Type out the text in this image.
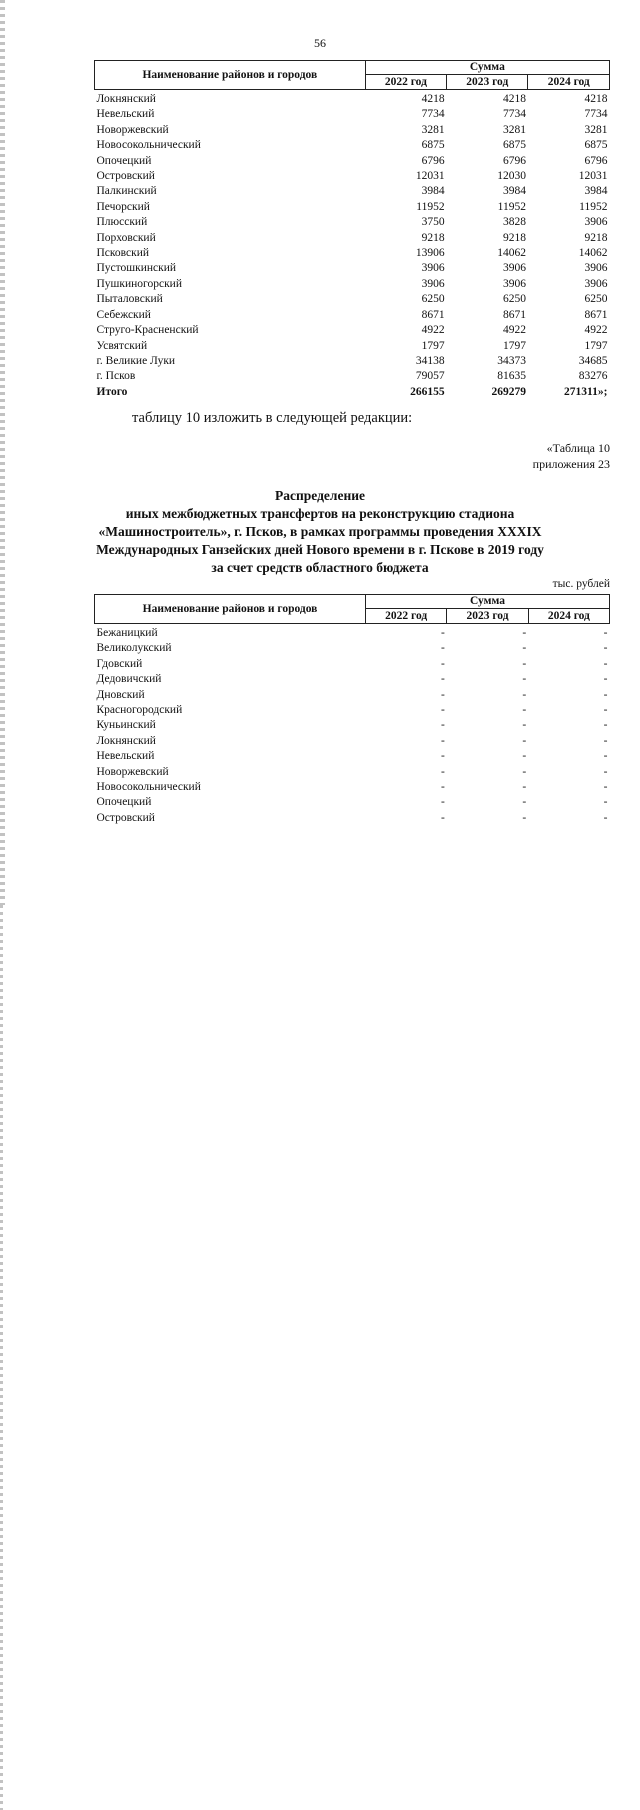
56
Наименование районов и городов	Сумма		
	2022 год	2023 год	2024 год
Локнянский	4218	4218	4218
Невельский	7734	7734	7734
Новоржевский	3281	3281	3281
Новосокольнический	6875	6875	6875
Опочецкий	6796	6796	6796
Островский	12031	12030	12031
Палкинский	3984	3984	3984
Печорский	11952	11952	11952
Плюсский	3750	3828	3906
Порховский	9218	9218	9218
Псковский	13906	14062	14062
Пустошкинский	3906	3906	3906
Пушкиногорский	3906	3906	3906
Пыталовский	6250	6250	6250
Себежский	8671	8671	8671
Струго-Красненский	4922	4922	4922
Усвятский	1797	1797	1797
г. Великие Луки	34138	34373	34685
г. Псков	79057	81635	83276
Итого	266155	269279	271311»;
таблицу 10 изложить в следующей редакции:
«Таблица 10
приложения 23
Распределение
иных межбюджетных трансфертов на реконструкцию стадиона
«Машиностроитель», г. Псков, в рамках программы проведения XXXIX
Международных Ганзейских дней Нового времени в г. Пскове в 2019 году
за счет средств областного бюджета
тыс. рублей
Наименование районов и городов	Сумма		
	2022 год	2023 год	2024 год
Бежаницкий	-	-	-
Великолукский	-	-	-
Гдовский	-	-	-
Дедовичский	-	-	-
Дновский	-	-	-
Красногородский	-	-	-
Куньинский	-	-	-
Локнянский	-	-	-
Невельский	-	-	-
Новоржевский	-	-	-
Новосокольнический	-	-	-
Опочецкий	-	-	-
Островский	-	-	-
